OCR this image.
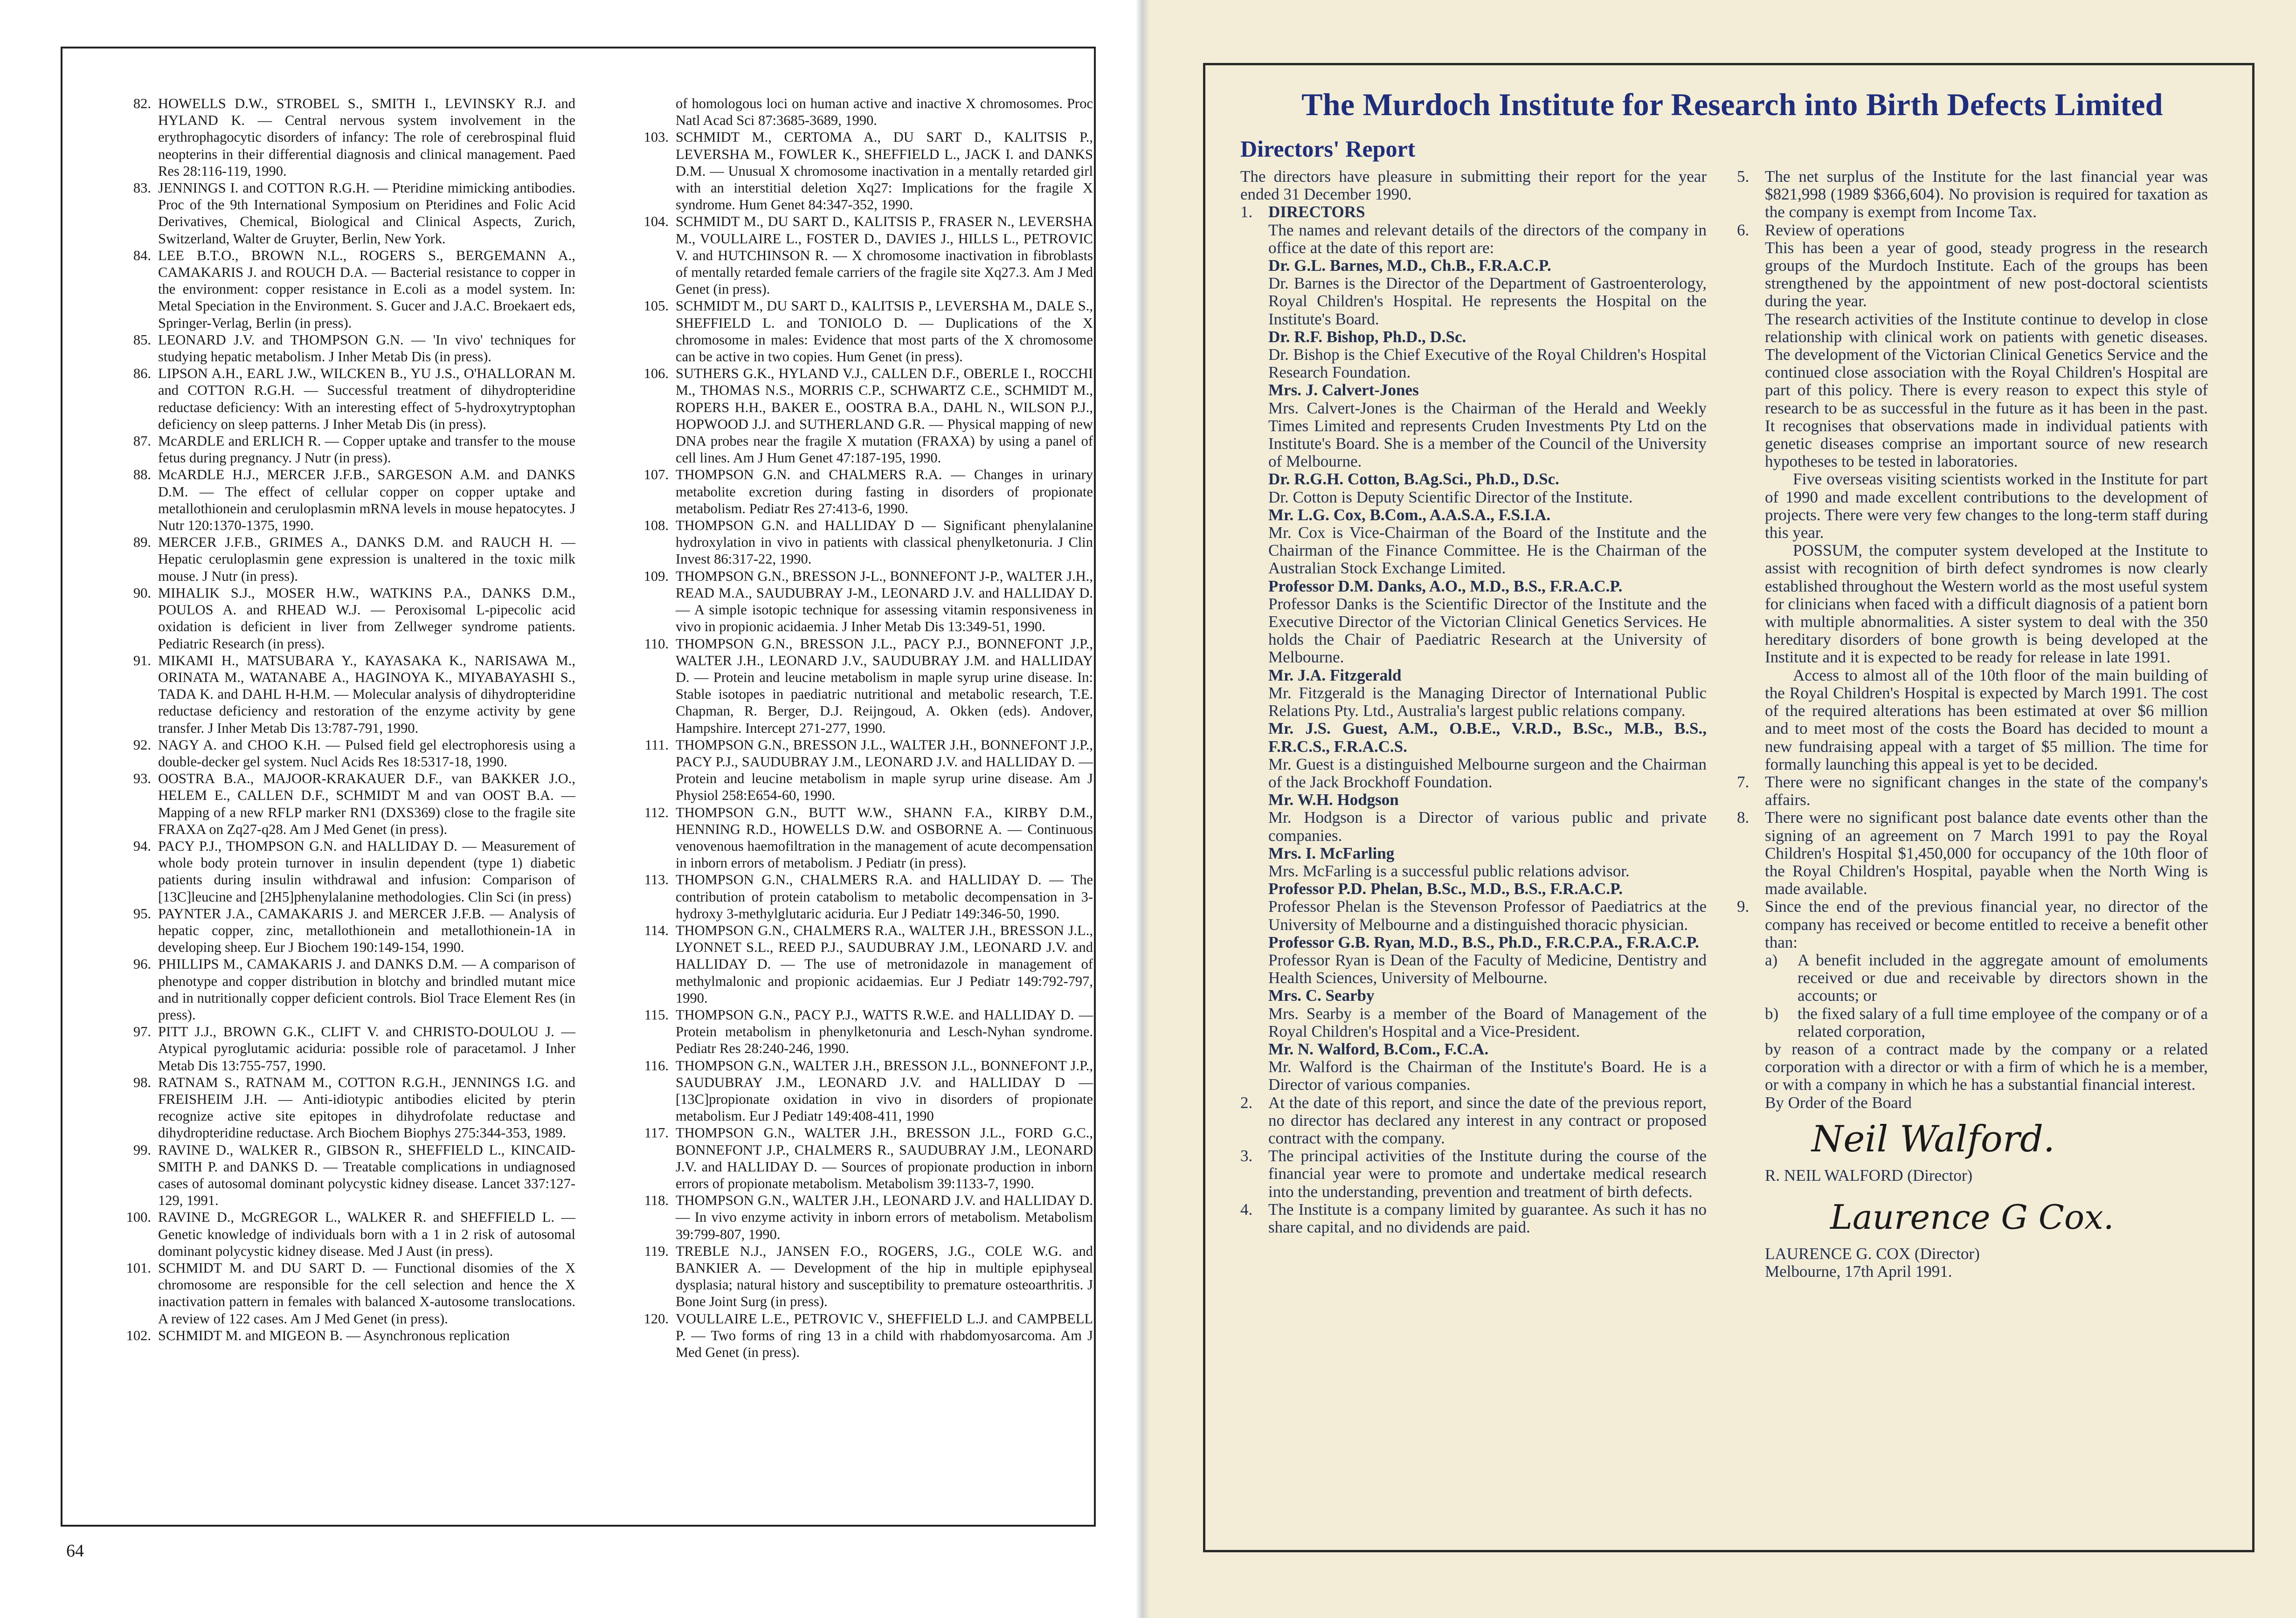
82. HOWELLS D.W., STROBEL S., SMITH I., LEVINSKY R.J. and HYLAND K. — Central nervous system involvement in the erythrophagocytic disorders of infancy: The role of cerebrospinal fluid neopterins in their differential diagnosis and clinical management. Paed Res 28:116-119, 1990.

83. JENNINGS I. and COTTON R.G.H. — Pteridine mimicking antibodies. Proc of the 9th International Symposium on Pteridines and Folic Acid Derivatives, Chemical, Biological and Clinical Aspects, Zurich, Switzerland, Walter de Gruyter, Berlin, New York.

84. LEE B.T.O., BROWN N.L., ROGERS S., BERGEMANN A., CAMAKARIS J. and ROUCH D.A. — Bacterial resistance to copper in the environment: copper resistance in E.coli as a model system. In: Metal Speciation in the Environment. S. Gucer and J.A.C. Broekaert eds, Springer-Verlag, Berlin (in press).

85. LEONARD J.V. and THOMPSON G.N. — 'In vivo' techniques for studying hepatic metabolism. J Inher Metab Dis (in press).

86. LIPSON A.H., EARL J.W., WILCKEN B., YU J.S., O'HALLORAN M. and COTTON R.G.H. — Successful treatment of dihydropteridine reductase deficiency: With an interesting effect of 5-hydroxytryptophan deficiency on sleep patterns. J Inher Metab Dis (in press).

87. McARDLE and ERLICH R. — Copper uptake and transfer to the mouse fetus during pregnancy. J Nutr (in press).

88. McARDLE H.J., MERCER J.F.B., SARGESON A.M. and DANKS D.M. — The effect of cellular copper on copper uptake and metallothionein and ceruloplasmin mRNA levels in mouse hepatocytes. J Nutr 120:1370-1375, 1990.

89. MERCER J.F.B., GRIMES A., DANKS D.M. and RAUCH H. — Hepatic ceruloplasmin gene expression is unaltered in the toxic milk mouse. J Nutr (in press).

90. MIHALIK S.J., MOSER H.W., WATKINS P.A., DANKS D.M., POULOS A. and RHEAD W.J. — Peroxisomal L-pipecolic acid oxidation is deficient in liver from Zellweger syndrome patients. Pediatric Research (in press).

91. MIKAMI H., MATSUBARA Y., KAYASAKA K., NARISAWA M., ORINATA M., WATANABE A., HAGINOYA K., MIYABAYASHI S., TADA K. and DAHL H-H.M. — Molecular analysis of dihydropteridine reductase deficiency and restoration of the enzyme activity by gene transfer. J Inher Metab Dis 13:787-791, 1990.

92. NAGY A. and CHOO K.H. — Pulsed field gel electrophoresis using a double-decker gel system. Nucl Acids Res 18:5317-18, 1990.

93. OOSTRA B.A., MAJOOR-KRAKAUER D.F., van BAKKER J.O., HELEM E., CALLEN D.F., SCHMIDT M and van OOST B.A. — Mapping of a new RFLP marker RN1 (DXS369) close to the fragile site FRAXA on Zq27-q28. Am J Med Genet (in press).

94. PACY P.J., THOMPSON G.N. and HALLIDAY D. — Measurement of whole body protein turnover in insulin dependent (type 1) diabetic patients during insulin withdrawal and infusion: Comparison of [13C]leucine and [2H5]phenylalanine methodologies. Clin Sci (in press)

95. PAYNTER J.A., CAMAKARIS J. and MERCER J.F.B. — Analysis of hepatic copper, zinc, metallothionein and metallothionein-1A in developing sheep. Eur J Biochem 190:149-154, 1990.

96. PHILLIPS M., CAMAKARIS J. and DANKS D.M. — A comparison of phenotype and copper distribution in blotchy and brindled mutant mice and in nutritionally copper deficient controls. Biol Trace Element Res (in press).

97. PITT J.J., BROWN G.K., CLIFT V. and CHRISTO-DOULOU J. — Atypical pyroglutamic aciduria: possible role of paracetamol. J Inher Metab Dis 13:755-757, 1990.

98. RATNAM S., RATNAM M., COTTON R.G.H., JENNINGS I.G. and FREISHEIM J.H. — Anti-idiotypic antibodies elicited by pterin recognize active site epitopes in dihydrofolate reductase and dihydropteridine reductase. Arch Biochem Biophys 275:344-353, 1989.

99. RAVINE D., WALKER R., GIBSON R., SHEFFIELD L., KINCAID-SMITH P. and DANKS D. — Treatable complications in undiagnosed cases of autosomal dominant polycystic kidney disease. Lancet 337:127-129, 1991.

100. RAVINE D., McGREGOR L., WALKER R. and SHEFFIELD L. — Genetic knowledge of individuals born with a 1 in 2 risk of autosomal dominant polycystic kidney disease. Med J Aust (in press).

101. SCHMIDT M. and DU SART D. — Functional disomies of the X chromosome are responsible for the cell selection and hence the X inactivation pattern in females with balanced X-autosome translocations. A review of 122 cases. Am J Med Genet (in press).

102. SCHMIDT M. and MIGEON B. — Asynchronous replication

of homologous loci on human active and inactive X chromosomes. Proc Natl Acad Sci 87:3685-3689, 1990.

103. SCHMIDT M., CERTOMA A., DU SART D., KALITSIS P., LEVERSHA M., FOWLER K., SHEFFIELD L., JACK I. and DANKS D.M. — Unusual X chromosome inactivation in a mentally retarded girl with an interstitial deletion Xq27: Implications for the fragile X syndrome. Hum Genet 84:347-352, 1990.

104. SCHMIDT M., DU SART D., KALITSIS P., FRASER N., LEVERSHA M., VOULLAIRE L., FOSTER D., DAVIES J., HILLS L., PETROVIC V. and HUTCHINSON R. — X chromosome inactivation in fibroblasts of mentally retarded female carriers of the fragile site Xq27.3. Am J Med Genet (in press).

105. SCHMIDT M., DU SART D., KALITSIS P., LEVERSHA M., DALE S., SHEFFIELD L. and TONIOLO D. — Duplications of the X chromosome in males: Evidence that most parts of the X chromosome can be active in two copies. Hum Genet (in press).

106. SUTHERS G.K., HYLAND V.J., CALLEN D.F., OBERLE I., ROCCHI M., THOMAS N.S., MORRIS C.P., SCHWARTZ C.E., SCHMIDT M., ROPERS H.H., BAKER E., OOSTRA B.A., DAHL N., WILSON P.J., HOPWOOD J.J. and SUTHERLAND G.R. — Physical mapping of new DNA probes near the fragile X mutation (FRAXA) by using a panel of cell lines. Am J Hum Genet 47:187-195, 1990.

107. THOMPSON G.N. and CHALMERS R.A. — Changes in urinary metabolite excretion during fasting in disorders of propionate metabolism. Pediatr Res 27:413-6, 1990.

108. THOMPSON G.N. and HALLIDAY D — Significant phenylalanine hydroxylation in vivo in patients with classical phenylketonuria. J Clin Invest 86:317-22, 1990.

109. THOMPSON G.N., BRESSON J-L., BONNEFONT J-P., WALTER J.H., READ M.A., SAUDUBRAY J-M., LEONARD J.V. and HALLIDAY D. — A simple isotopic technique for assessing vitamin responsiveness in vivo in propionic acidaemia. J Inher Metab Dis 13:349-51, 1990.

110. THOMPSON G.N., BRESSON J.L., PACY P.J., BONNEFONT J.P., WALTER J.H., LEONARD J.V., SAUDUBRAY J.M. and HALLIDAY D. — Protein and leucine metabolism in maple syrup urine disease. In: Stable isotopes in paediatric nutritional and metabolic research, T.E. Chapman, R. Berger, D.J. Reijngoud, A. Okken (eds). Andover, Hampshire. Intercept 271-277, 1990.

111. THOMPSON G.N., BRESSON J.L., WALTER J.H., BONNEFONT J.P., PACY P.J., SAUDUBRAY J.M., LEONARD J.V. and HALLIDAY D. — Protein and leucine metabolism in maple syrup urine disease. Am J Physiol 258:E654-60, 1990.

112. THOMPSON G.N., BUTT W.W., SHANN F.A., KIRBY D.M., HENNING R.D., HOWELLS D.W. and OSBORNE A. — Continuous venovenous haemofiltration in the management of acute decompensation in inborn errors of metabolism. J Pediatr (in press).

113. THOMPSON G.N., CHALMERS R.A. and HALLIDAY D. — The contribution of protein catabolism to metabolic decompensation in 3-hydroxy 3-methylglutaric aciduria. Eur J Pediatr 149:346-50, 1990.

114. THOMPSON G.N., CHALMERS R.A., WALTER J.H., BRESSON J.L., LYONNET S.L., REED P.J., SAUDUBRAY J.M., LEONARD J.V. and HALLIDAY D. — The use of metronidazole in management of methylmalonic and propionic acidaemias. Eur J Pediatr 149:792-797, 1990.

115. THOMPSON G.N., PACY P.J., WATTS R.W.E. and HALLIDAY D. — Protein metabolism in phenylketonuria and Lesch-Nyhan syndrome. Pediatr Res 28:240-246, 1990.

116. THOMPSON G.N., WALTER J.H., BRESSON J.L., BONNEFONT J.P., SAUDUBRAY J.M., LEONARD J.V. and HALLIDAY D — [13C]propionate oxidation in vivo in disorders of propionate metabolism. Eur J Pediatr 149:408-411, 1990

117. THOMPSON G.N., WALTER J.H., BRESSON J.L., FORD G.C., BONNEFONT J.P., CHALMERS R., SAUDUBRAY J.M., LEONARD J.V. and HALLIDAY D. — Sources of propionate production in inborn errors of propionate metabolism. Metabolism 39:1133-7, 1990.

118. THOMPSON G.N., WALTER J.H., LEONARD J.V. and HALLIDAY D. — In vivo enzyme activity in inborn errors of metabolism. Metabolism 39:799-807, 1990.

119. TREBLE N.J., JANSEN F.O., ROGERS, J.G., COLE W.G. and BANKIER A. — Development of the hip in multiple epiphyseal dysplasia; natural history and susceptibility to premature osteoarthritis. J Bone Joint Surg (in press).

120. VOULLAIRE L.E., PETROVIC V., SHEFFIELD L.J. and CAMPBELL P. — Two forms of ring 13 in a child with rhabdomyosarcoma. Am J Med Genet (in press).

64
The Murdoch Institute for Research into Birth Defects Limited
Directors' Report

The directors have pleasure in submitting their report for the year ended 31 December 1990.

1. DIRECTORS

The names and relevant details of the directors of the company in office at the date of this report are:

Dr. G.L. Barnes, M.D., Ch.B., F.R.A.C.P.

Dr. Barnes is the Director of the Department of Gastroenterology, Royal Children's Hospital. He represents the Hospital on the Institute's Board.

Dr. R.F. Bishop, Ph.D., D.Sc.

Dr. Bishop is the Chief Executive of the Royal Children's Hospital Research Foundation.

Mrs. J. Calvert-Jones

Mrs. Calvert-Jones is the Chairman of the Herald and Weekly Times Limited and represents Cruden Investments Pty Ltd on the Institute's Board. She is a member of the Council of the University of Melbourne.

Dr. R.G.H. Cotton, B.Ag.Sci., Ph.D., D.Sc.

Dr. Cotton is Deputy Scientific Director of the Institute.

Mr. L.G. Cox, B.Com., A.A.S.A., F.S.I.A.

Mr. Cox is Vice-Chairman of the Board of the Institute and the Chairman of the Finance Committee. He is the Chairman of the Australian Stock Exchange Limited.

Professor D.M. Danks, A.O., M.D., B.S., F.R.A.C.P.

Professor Danks is the Scientific Director of the Institute and the Executive Director of the Victorian Clinical Genetics Services. He holds the Chair of Paediatric Research at the University of Melbourne.

Mr. J.A. Fitzgerald

Mr. Fitzgerald is the Managing Director of International Public Relations Pty. Ltd., Australia's largest public relations company.

Mr. J.S. Guest, A.M., O.B.E., V.R.D., B.Sc., M.B., B.S., F.R.C.S., F.R.A.C.S.

Mr. Guest is a distinguished Melbourne surgeon and the Chairman of the Jack Brockhoff Foundation.

Mr. W.H. Hodgson

Mr. Hodgson is a Director of various public and private companies.

Mrs. I. McFarling

Mrs. McFarling is a successful public relations advisor.

Professor P.D. Phelan, B.Sc., M.D., B.S., F.R.A.C.P.

Professor Phelan is the Stevenson Professor of Paediatrics at the University of Melbourne and a distinguished thoracic physician.

Professor G.B. Ryan, M.D., B.S., Ph.D., F.R.C.P.A., F.R.A.C.P.

Professor Ryan is Dean of the Faculty of Medicine, Dentistry and Health Sciences, University of Melbourne.

Mrs. C. Searby

Mrs. Searby is a member of the Board of Management of the Royal Children's Hospital and a Vice-President.

Mr. N. Walford, B.Com., F.C.A.

Mr. Walford is the Chairman of the Institute's Board. He is a Director of various companies.

2. At the date of this report, and since the date of the previous report, no director has declared any interest in any contract or proposed contract with the company.

3. The principal activities of the Institute during the course of the financial year were to promote and undertake medical research into the understanding, prevention and treatment of birth defects.

4. The Institute is a company limited by guarantee. As such it has no share capital, and no dividends are paid.

5. The net surplus of the Institute for the last financial year was $821,998 (1989 $366,604). No provision is required for taxation as the company is exempt from Income Tax.

6. Review of operations

This has been a year of good, steady progress in the research groups of the Murdoch Institute. Each of the groups has been strengthened by the appointment of new post-doctoral scientists during the year.

The research activities of the Institute continue to develop in close relationship with clinical work on patients with genetic diseases. The development of the Victorian Clinical Genetics Service and the continued close association with the Royal Children's Hospital are part of this policy. There is every reason to expect this style of research to be as successful in the future as it has been in the past. It recognises that observations made in individual patients with genetic diseases comprise an important source of new research hypotheses to be tested in laboratories.

Five overseas visiting scientists worked in the Institute for part of 1990 and made excellent contributions to the development of projects. There were very few changes to the long-term staff during this year.

POSSUM, the computer system developed at the Institute to assist with recognition of birth defect syndromes is now clearly established throughout the Western world as the most useful system for clinicians when faced with a difficult diagnosis of a patient born with multiple abnormalities. A sister system to deal with the 350 hereditary disorders of bone growth is being developed at the Institute and it is expected to be ready for release in late 1991.

Access to almost all of the 10th floor of the main building of the Royal Children's Hospital is expected by March 1991. The cost of the required alterations has been estimated at over $6 million and to meet most of the costs the Board has decided to mount a new fundraising appeal with a target of $5 million. The time for formally launching this appeal is yet to be decided.

7. There were no significant changes in the state of the company's affairs.

8. There were no significant post balance date events other than the signing of an agreement on 7 March 1991 to pay the Royal Children's Hospital $1,450,000 for occupancy of the 10th floor of the Royal Children's Hospital, payable when the North Wing is made available.

9. Since the end of the previous financial year, no director of the company has received or become entitled to receive a benefit other than:

a) A benefit included in the aggregate amount of emoluments received or due and receivable by directors shown in the accounts; or

b) the fixed salary of a full time employee of the company or of a related corporation,

by reason of a contract made by the company or a related corporation with a director or with a firm of which he is a member, or with a company in which he has a substantial financial interest.

By Order of the Board

Neil Walford.

R. NEIL WALFORD (Director)

Laurence G Cox.

LAURENCE G. COX (Director)

Melbourne, 17th April 1991.
